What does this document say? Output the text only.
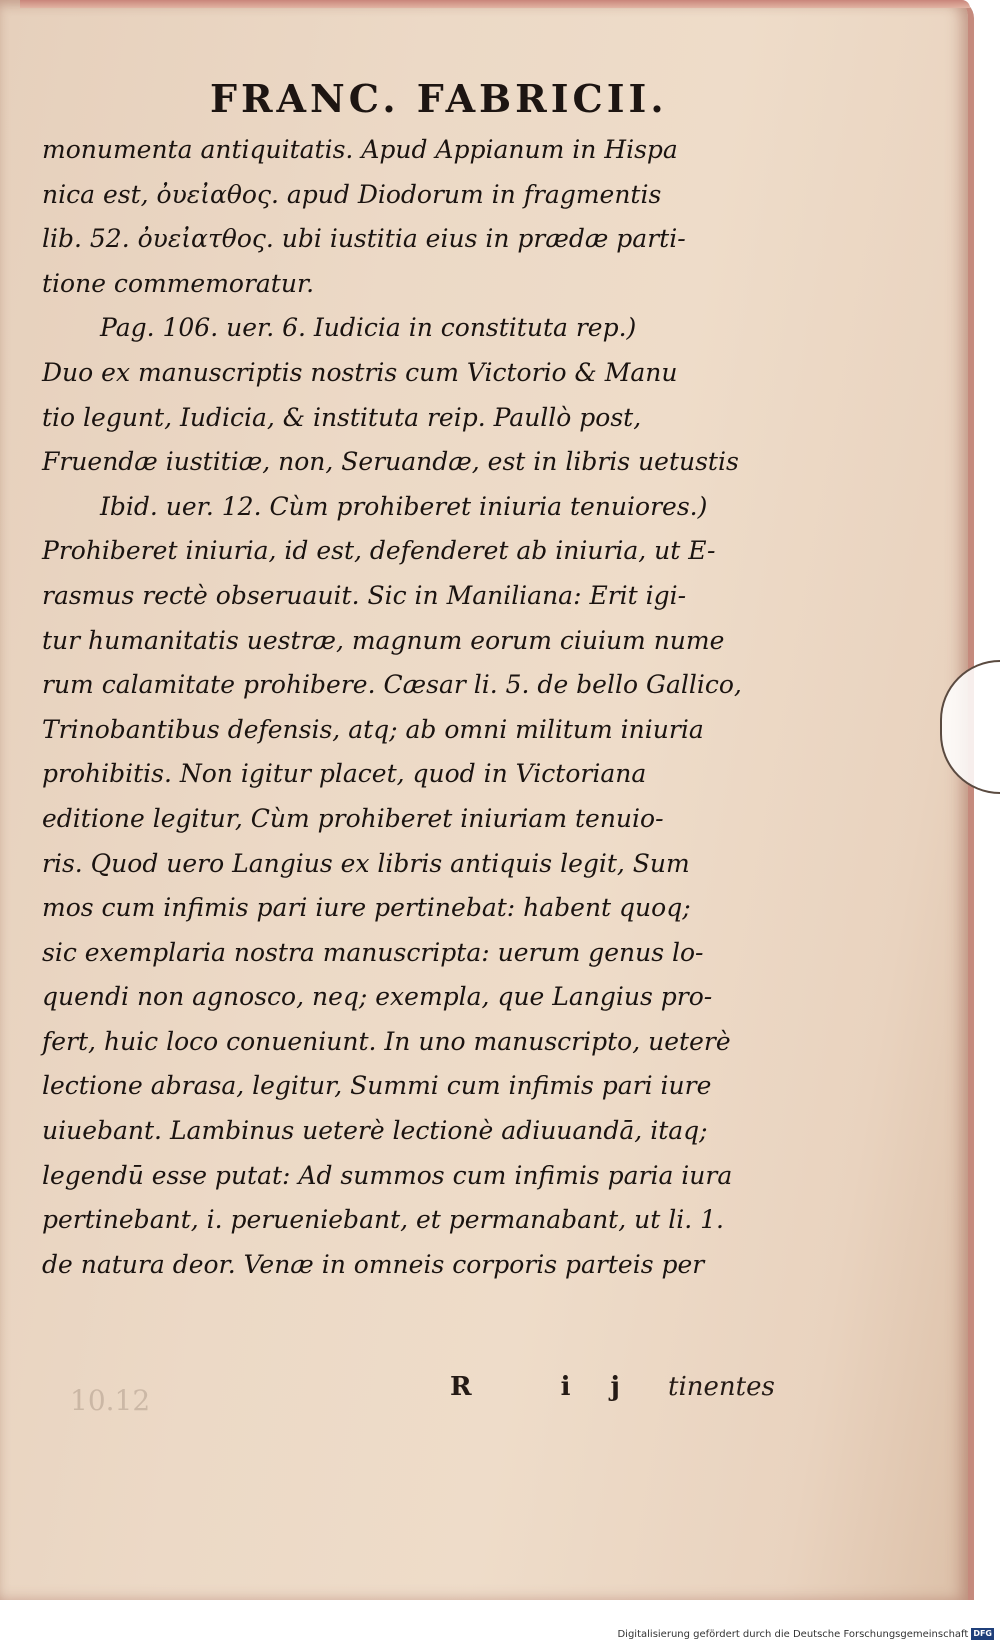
FRANC. FABRICII.
monumenta antiquitatis. Apud Appianum in Hispa
nica est, ὀυεἰαθος. apud Diodorum in fragmentis
lib. 52. ὀυεἰατθος. ubi iustitia eius in prædæ parti-
tione commemoratur.
Pag. 106. uer. 6. Iudicia in constituta rep.)
Duo ex manuscriptis nostris cum Victorio & Manu
tio legunt, Iudicia, & instituta reip. Paullò post,
Fruendæ iustitiæ, non, Seruandæ, est in libris uetustis
Ibid. uer. 12. Cùm prohiberet iniuria tenuiores.)
Prohiberet iniuria, id est, defenderet ab iniuria, ut E-
rasmus rectè obseruauit. Sic in Maniliana: Erit igi-
tur humanitatis uestræ, magnum eorum ciuium nume
rum calamitate prohibere. Cæsar li. 5. de bello Gallico,
Trinobantibus defensis, atq; ab omni militum iniuria
prohibitis. Non igitur placet, quod in Victoriana
editione legitur, Cùm prohiberet iniuriam tenuio-
ris. Quod uero Langius ex libris antiquis legit, Sum
mos cum infimis pari iure pertinebat: habent quoq;
sic exemplaria nostra manuscripta: uerum genus lo-
quendi non agnosco, neq; exempla, que Langius pro-
fert, huic loco conueniunt. In uno manuscripto, ueterè
lectione abrasa, legitur, Summi cum infimis pari iure
uiuebant. Lambinus ueterè lectionè adiuuandā, itaq;
legendū esse putat: Ad summos cum infimis paria iura
pertinebant, i. perueniebant, et permanabant, ut li. 1.
de natura deor. Venæ in omneis corporis parteis per
10.12	R ij tinentes
Digitalisierung gefördert durch die Deutsche Forschungsgemeinschaft DFG
